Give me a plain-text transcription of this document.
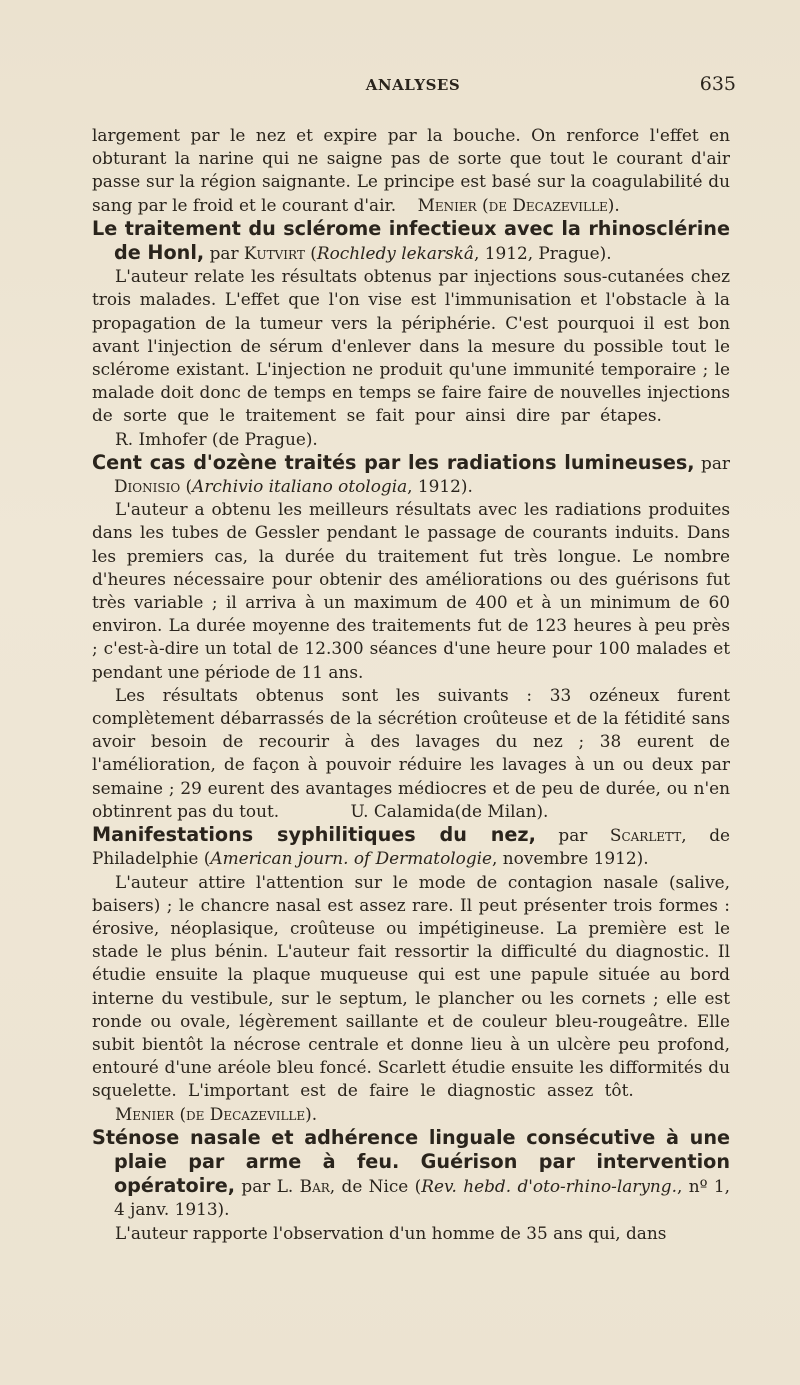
ANALYSES	635

largement par le nez et expire par la bouche. On renforce l'effet en obturant la narine qui ne saigne pas de sorte que tout le courant d'air passe sur la région saignante. Le principe est basé sur la coagulabilité du sang par le froid et le courant d'air. Menier (de Decazeville).

Le traitement du sclérome infectieux avec la rhinosclérine de Honl, par Kutvirt (Rochledy lekarskâ, 1912, Prague).

L'auteur relate les résultats obtenus par injections sous-cutanées chez trois malades. L'effet que l'on vise est l'immunisation et l'obstacle à la propagation de la tumeur vers la périphérie. C'est pourquoi il est bon avant l'injection de sérum d'enlever dans la mesure du possible tout le sclérome existant. L'injection ne produit qu'une immunité temporaire ; le malade doit donc de temps en temps se faire faire de nouvelles injections de sorte que le traitement se fait pour ainsi dire par étapes.       R. Imhofer (de Prague).

Cent cas d'ozène traités par les radiations lumineuses, par Dionisio (Archivio italiano otologia, 1912).

L'auteur a obtenu les meilleurs résultats avec les radiations produites dans les tubes de Gessler pendant le passage de courants induits. Dans les premiers cas, la durée du traitement fut très longue. Le nombre d'heures nécessaire pour obtenir des améliorations ou des guérisons fut très variable ; il arriva à un maximum de 400 et à un minimum de 60 environ. La durée moyenne des traitements fut de 123 heures à peu près ; c'est-à-dire un total de 12.300 séances d'une heure pour 100 malades et pendant une période de 11 ans.

Les résultats obtenus sont les suivants : 33 ozéneux furent complètement débarrassés de la sécrétion croûteuse et de la fétidité sans avoir besoin de recourir à des lavages du nez ; 38 eurent de l'amélioration, de façon à pouvoir réduire les lavages à un ou deux par semaine ; 29 eurent des avantages médiocres et de peu de durée, ou n'en obtinrent pas du tout.	U. Calamida(de Milan).

Manifestations syphilitiques du nez, par Scarlett, de Philadelphie (American journ. of Dermatologie, novembre 1912).

L'auteur attire l'attention sur le mode de contagion nasale (salive, baisers) ; le chancre nasal est assez rare. Il peut présenter trois formes : érosive, néoplasique, croûteuse ou impétigineuse. La première est le stade le plus bénin. L'auteur fait ressortir la difficulté du diagnostic. Il étudie ensuite la plaque muqueuse qui est une papule située au bord interne du vestibule, sur le septum, le plancher ou les cornets ; elle est ronde ou ovale, légèrement saillante et de couleur bleu-rougeâtre. Elle subit bientôt la nécrose centrale et donne lieu à un ulcère peu profond, entouré d'une aréole bleu foncé. Scarlett étudie ensuite les difformités du squelette. L'important est de faire le diagnostic assez tôt.         Menier (de Decazeville).

Sténose nasale et adhérence linguale consécutive à une plaie par arme à feu. Guérison par intervention opératoire, par L. Bar, de Nice (Rev. hebd. d'oto-rhino-laryng., nº 1, 4 janv. 1913).

L'auteur rapporte l'observation d'un homme de 35 ans qui, dans
